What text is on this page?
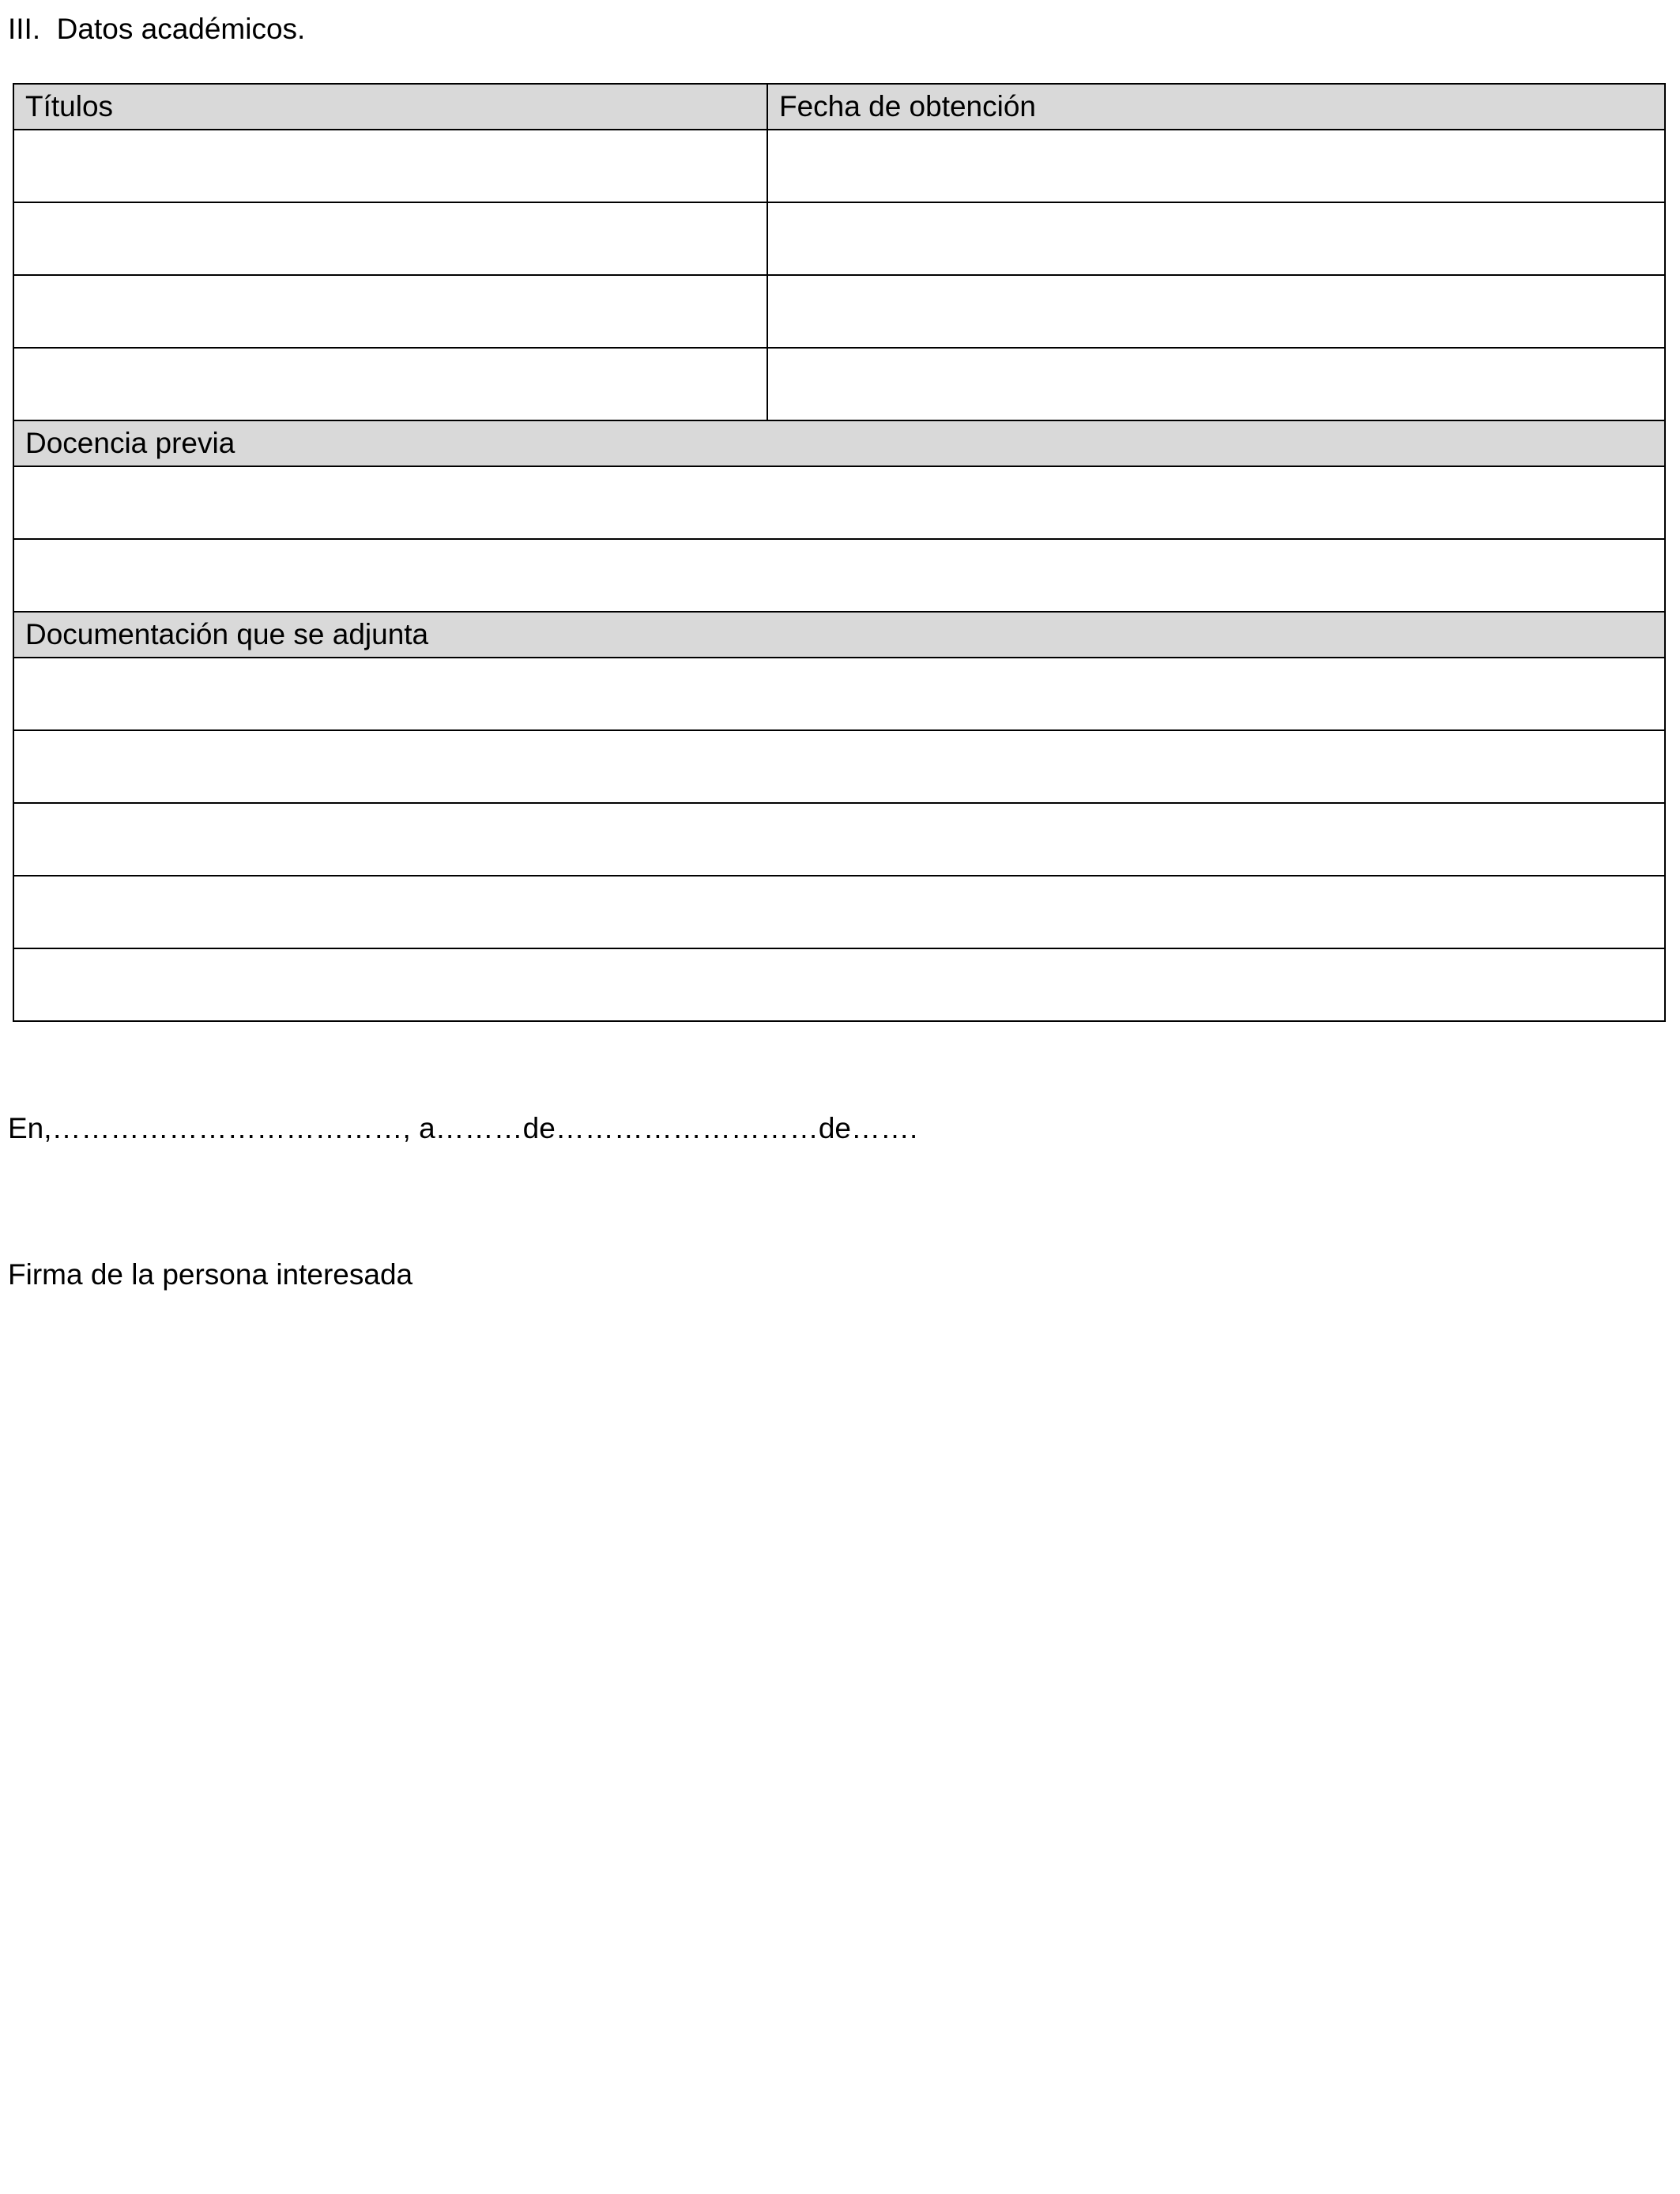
III.  Datos académicos.
Títulos	Fecha de obtención

Docencia previa	

Documentación que se adjunta	

En,………………………………, a………de………………………de…….
Firma de la persona interesada
